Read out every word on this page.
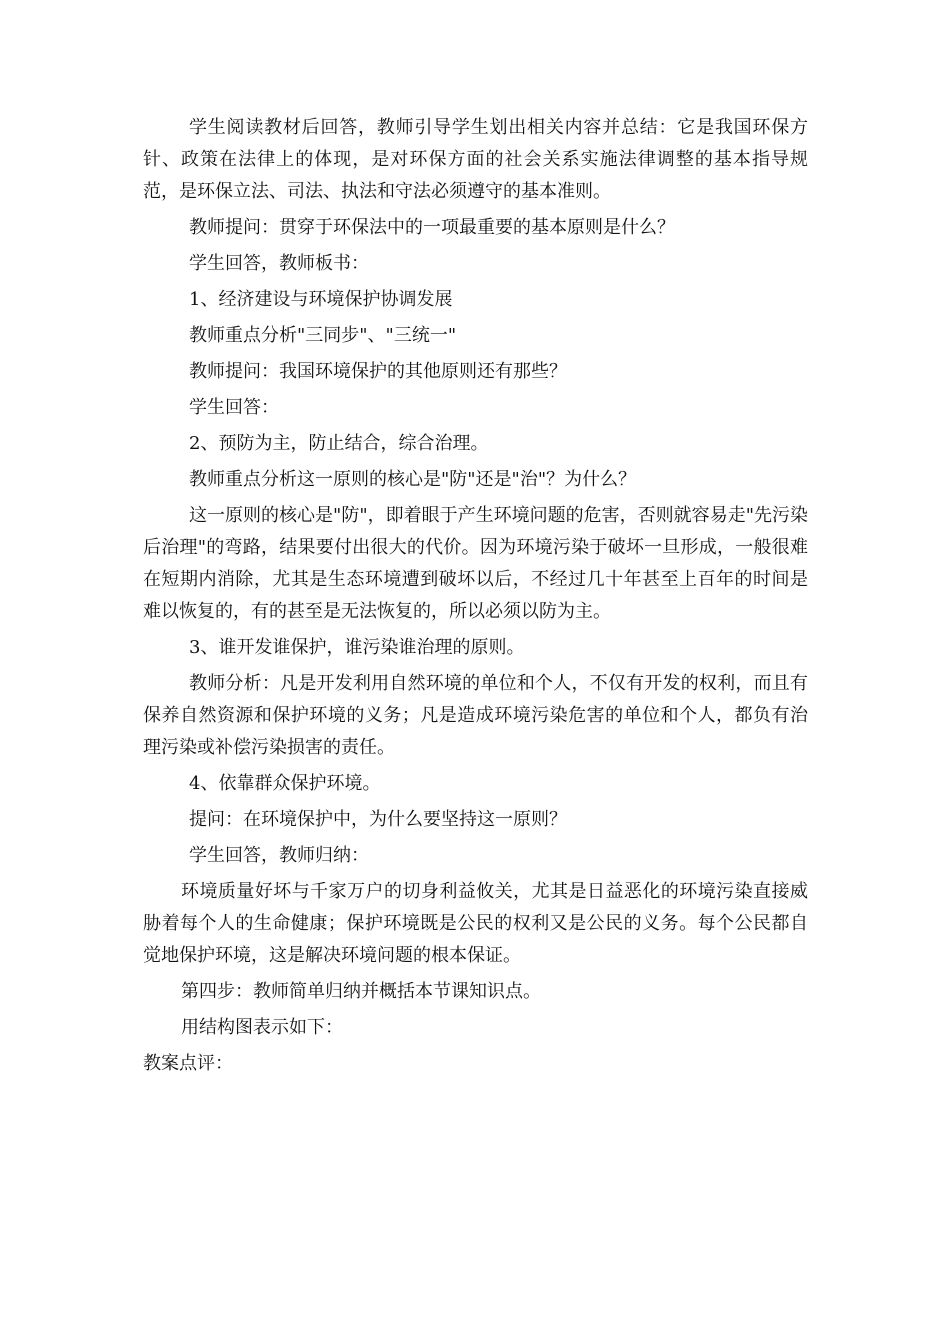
学生阅读教材后回答，教师引导学生划出相关内容并总结：它是我国环保方针、政策在法律上的体现，是对环保方面的社会关系实施法律调整的基本指导规范，是环保立法、司法、执法和守法必须遵守的基本准则。

教师提问：贯穿于环保法中的一项最重要的基本原则是什么？

学生回答，教师板书：

1、经济建设与环境保护协调发展

教师重点分析"三同步"、"三统一"

教师提问：我国环境保护的其他原则还有那些？

学生回答：

2、预防为主，防止结合，综合治理。

教师重点分析这一原则的核心是"防"还是"治"？为什么？

这一原则的核心是"防"，即着眼于产生环境问题的危害，否则就容易走"先污染后治理"的弯路，结果要付出很大的代价。因为环境污染于破坏一旦形成，一般很难在短期内消除，尤其是生态环境遭到破坏以后，不经过几十年甚至上百年的时间是难以恢复的，有的甚至是无法恢复的，所以必须以防为主。

3、谁开发谁保护，谁污染谁治理的原则。

教师分析：凡是开发利用自然环境的单位和个人，不仅有开发的权利，而且有保养自然资源和保护环境的义务；凡是造成环境污染危害的单位和个人，都负有治理污染或补偿污染损害的责任。

4、依靠群众保护环境。

提问：在环境保护中，为什么要坚持这一原则？

学生回答，教师归纳：

环境质量好坏与千家万户的切身利益攸关，尤其是日益恶化的环境污染直接威胁着每个人的生命健康；保护环境既是公民的权利又是公民的义务。每个公民都自觉地保护环境，这是解决环境问题的根本保证。

第四步：教师简单归纳并概括本节课知识点。

用结构图表示如下：

教案点评：
